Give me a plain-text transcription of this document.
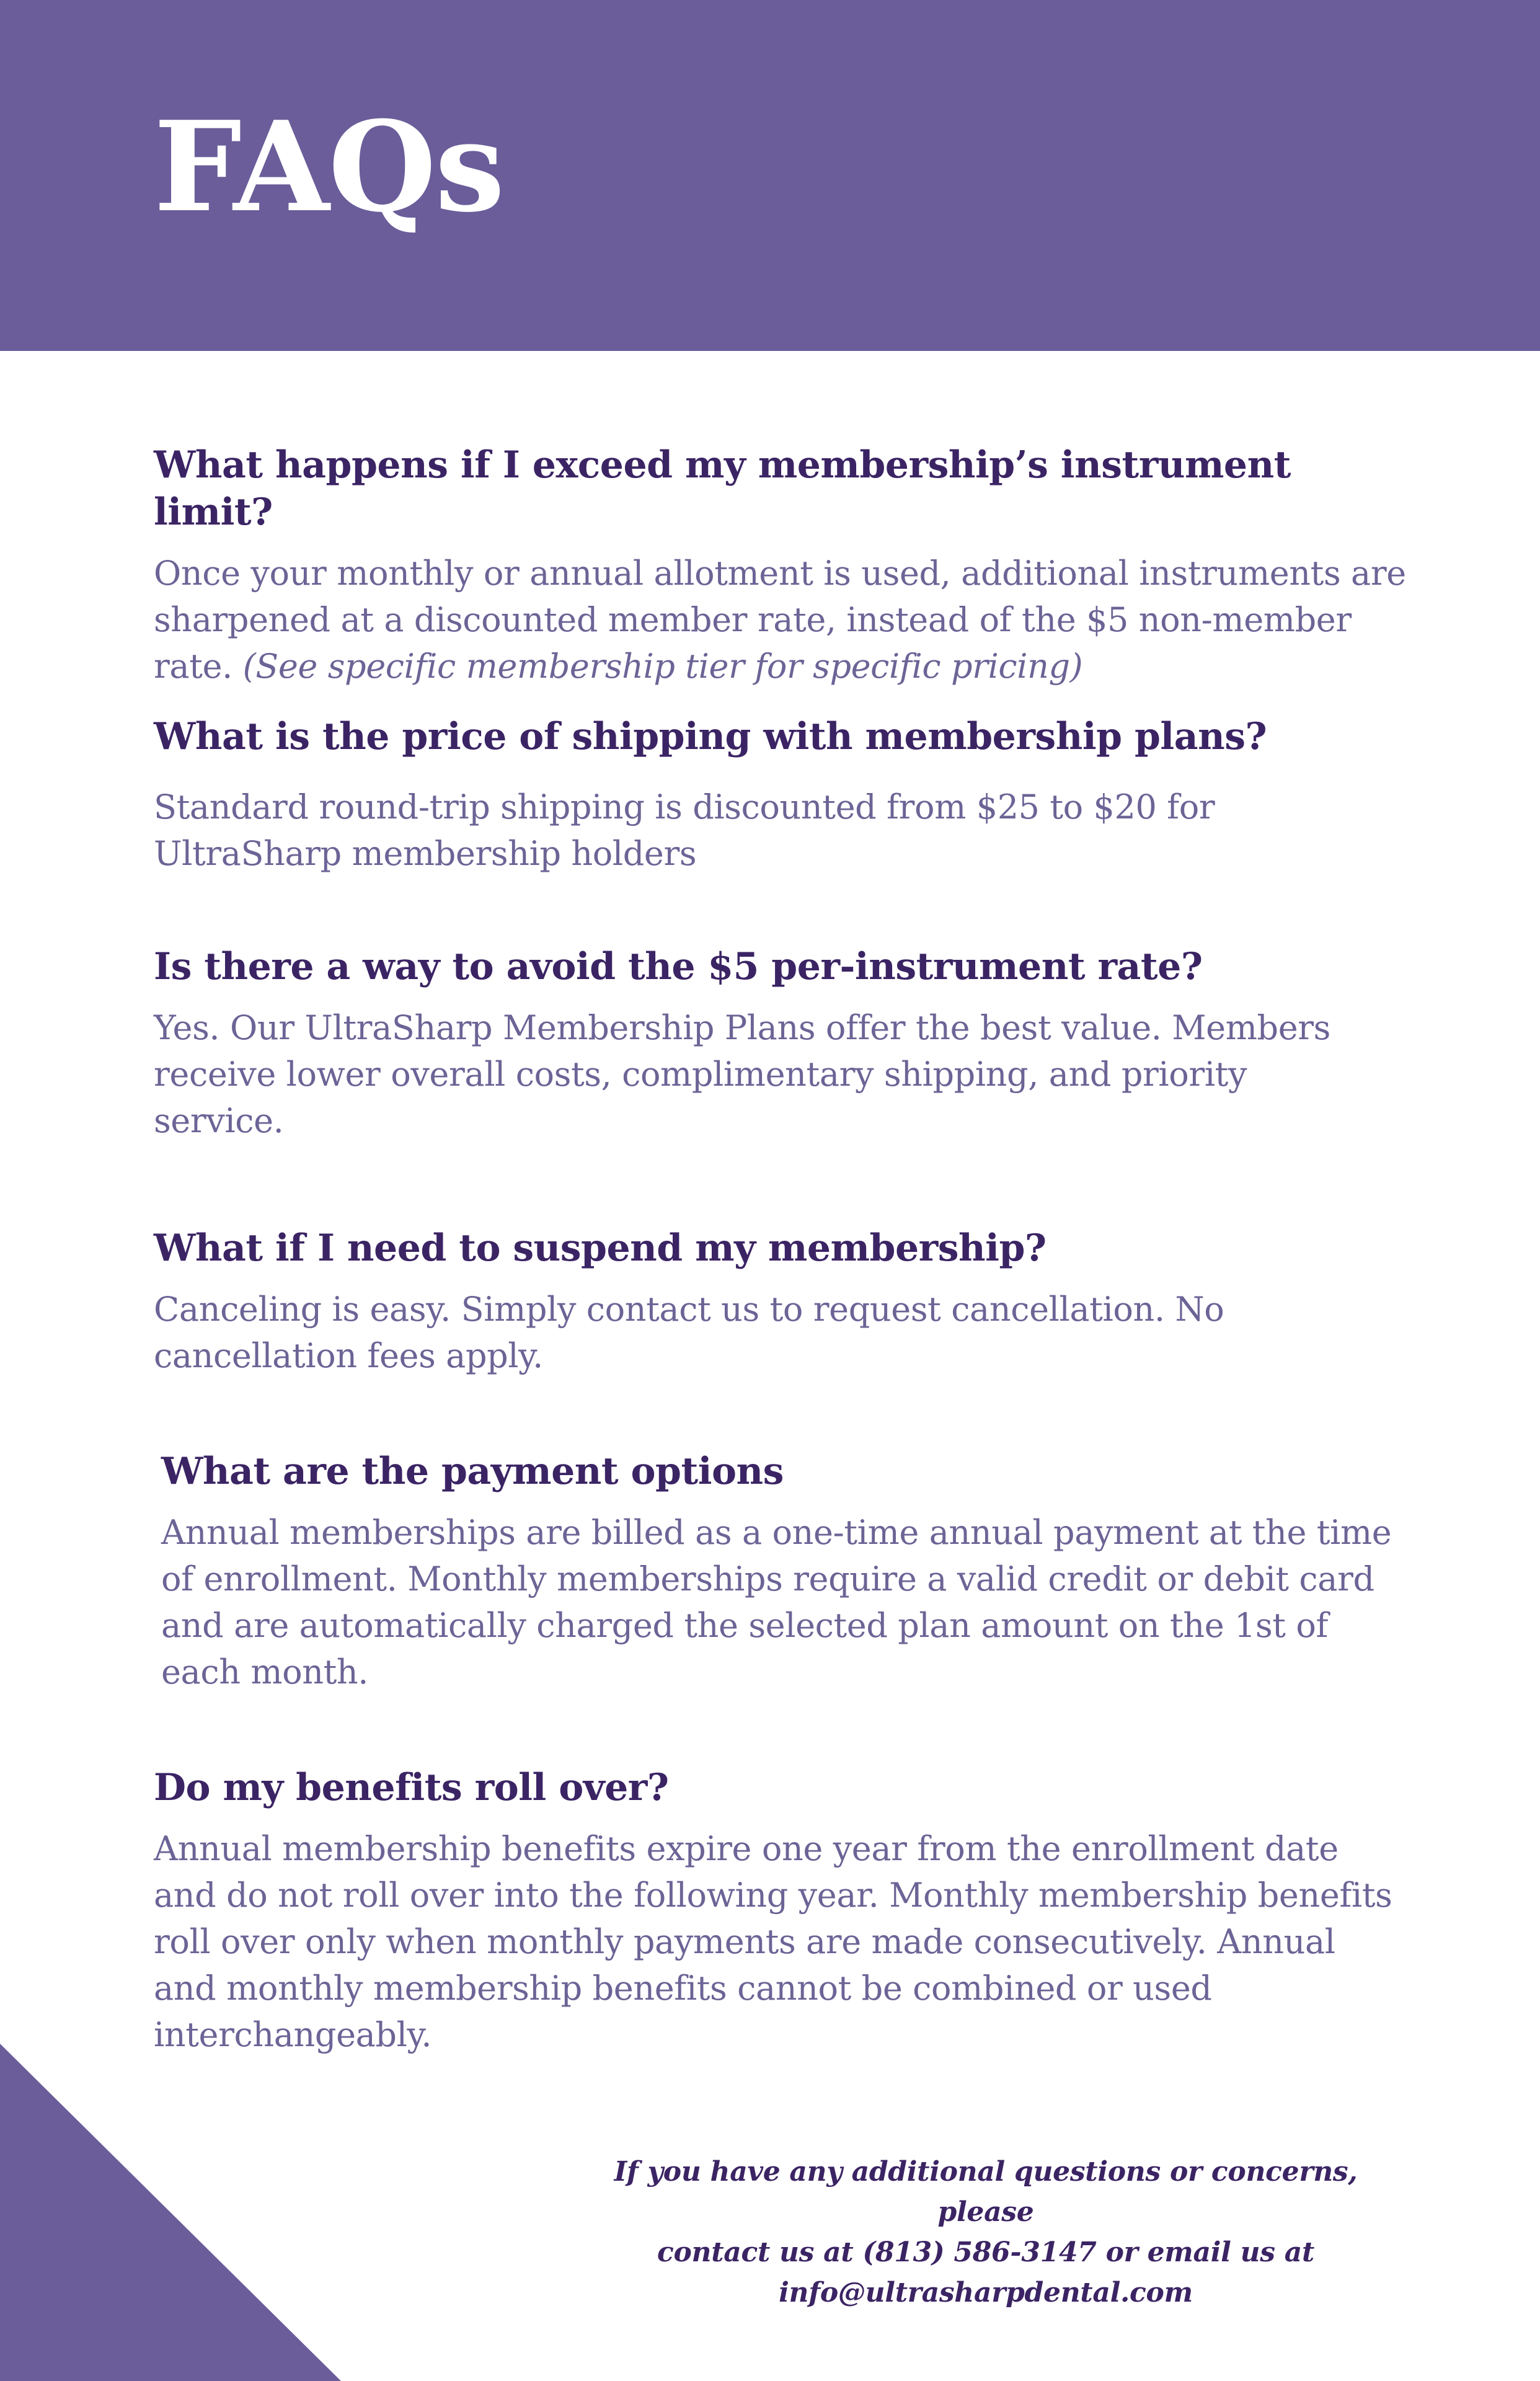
FAQs
What happens if I exceed my membership’s instrument limit?

Once your monthly or annual allotment is used, additional instruments are sharpened at a discounted member rate, instead of the $5 non-member rate. (See specific membership tier for specific pricing)

What is the price of shipping with membership plans?

Standard round-trip shipping is discounted from $25 to $20 for UltraSharp membership holders

Is there a way to avoid the $5 per-instrument rate?

Yes. Our UltraSharp Membership Plans offer the best value. Members receive lower overall costs, complimentary shipping, and priority service.

What if I need to suspend my membership?

Canceling is easy. Simply contact us to request cancellation. No cancellation fees apply.

What are the payment options

Annual memberships are billed as a one-time annual payment at the time of enrollment. Monthly memberships require a valid credit or debit card and are automatically charged the selected plan amount on the 1st of each month.

Do my benefits roll over?

Annual membership benefits expire one year from the enrollment date and do not roll over into the following year. Monthly membership benefits roll over only when monthly payments are made consecutively. Annual and monthly membership benefits cannot be combined or used interchangeably.

If you have any additional questions or concerns, please
contact us at (813) 586-3147 or email us at
info@ultrasharpdental.com
